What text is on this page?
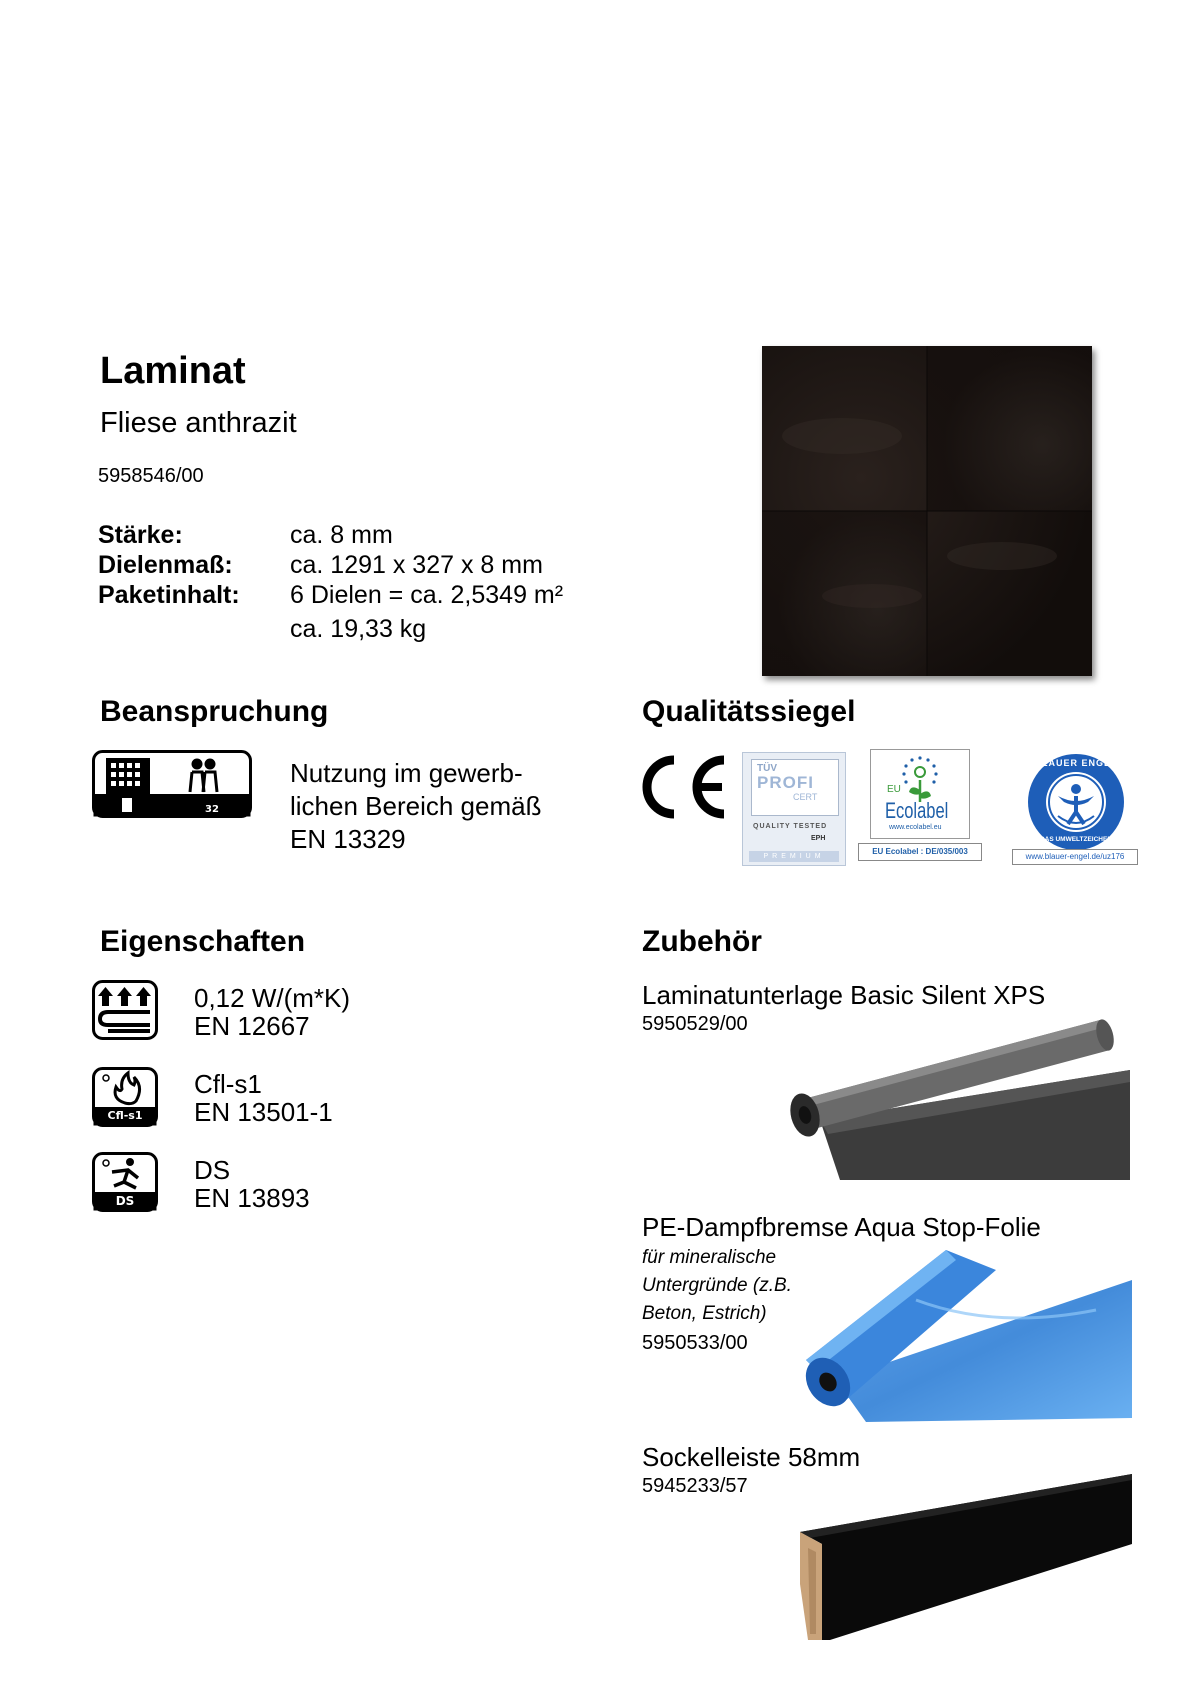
Laminat
Fliese anthrazit
5958546/00
Stärke:
Dielenmaß:
Paketinhalt:
ca. 8 mm
ca. 1291 x 327 x 8 mm
6 Dielen = ca. 2,5349 m²
ca. 19,33 kg
Beanspruchung
32
Nutzung im gewerb-
lichen Bereich gemäß
EN 13329
Qualitätssiegel
TÜV
PROFI
CERT
QUALITY TESTED
EPH
PREMIUM
EU
Ecolabel
www.ecolabel.eu
EU Ecolabel : DE/035/003
BLAUER ENGEL
DAS UMWELTZEICHEN
www.blauer-engel.de/uz176
Eigenschaften
0,12 W/(m*K)
EN 12667
Cfl-s1
Cfl-s1
EN 13501-1
DS
DS
EN 13893
Zubehör
Laminatunterlage Basic Silent XPS
5950529/00
PE-Dampfbremse Aqua Stop-Folie
für mineralische
Untergründe (z.B.
Beton, Estrich)
5950533/00
Sockelleiste 58mm
5945233/57
